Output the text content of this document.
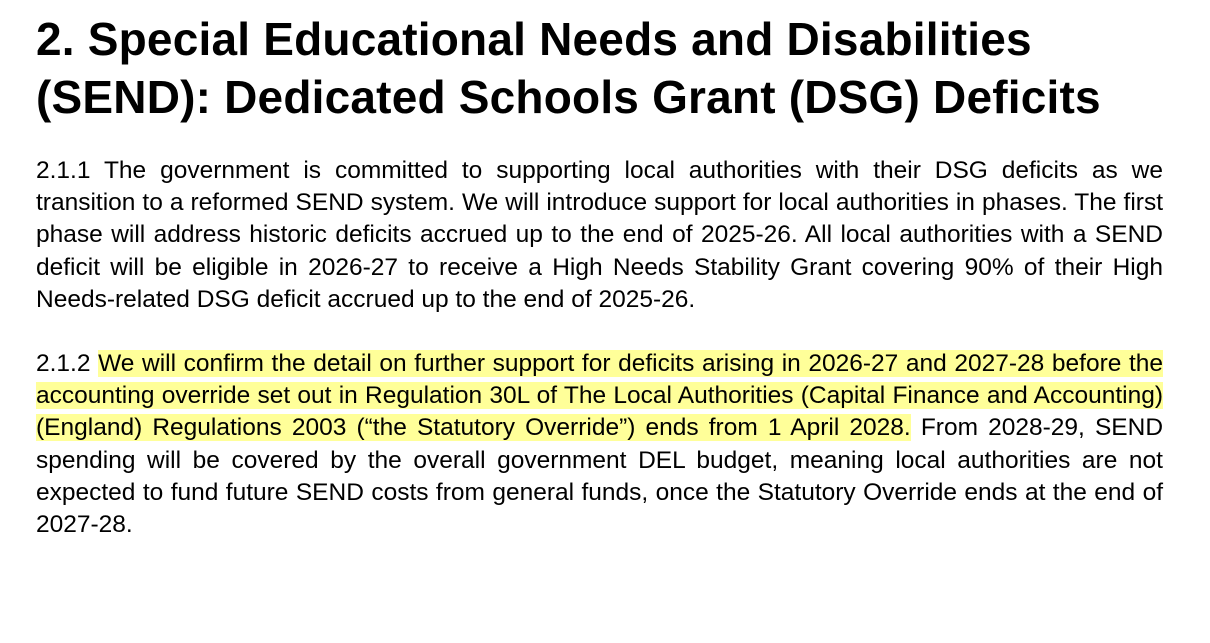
2. Special Educational Needs and Disabilities (SEND): Dedicated Schools Grant (DSG) Deficits

2.1.1 The government is committed to supporting local authorities with their DSG deficits as we transition to a reformed SEND system. We will introduce support for local authorities in phases. The first phase will address historic deficits accrued up to the end of 2025-26. All local authorities with a SEND deficit will be eligible in 2026-27 to receive a High Needs Stability Grant covering 90% of their High Needs-related DSG deficit accrued up to the end of 2025-26.

2.1.2 We will confirm the detail on further support for deficits arising in 2026-27 and 2027-28 before the accounting override set out in Regulation 30L of The Local Authorities (Capital Finance and Accounting) (England) Regulations 2003 (“the Statutory Override”) ends from 1 April 2028. From 2028-29, SEND spending will be covered by the overall government DEL budget, meaning local authorities are not expected to fund future SEND costs from general funds, once the Statutory Override ends at the end of 2027-28.
